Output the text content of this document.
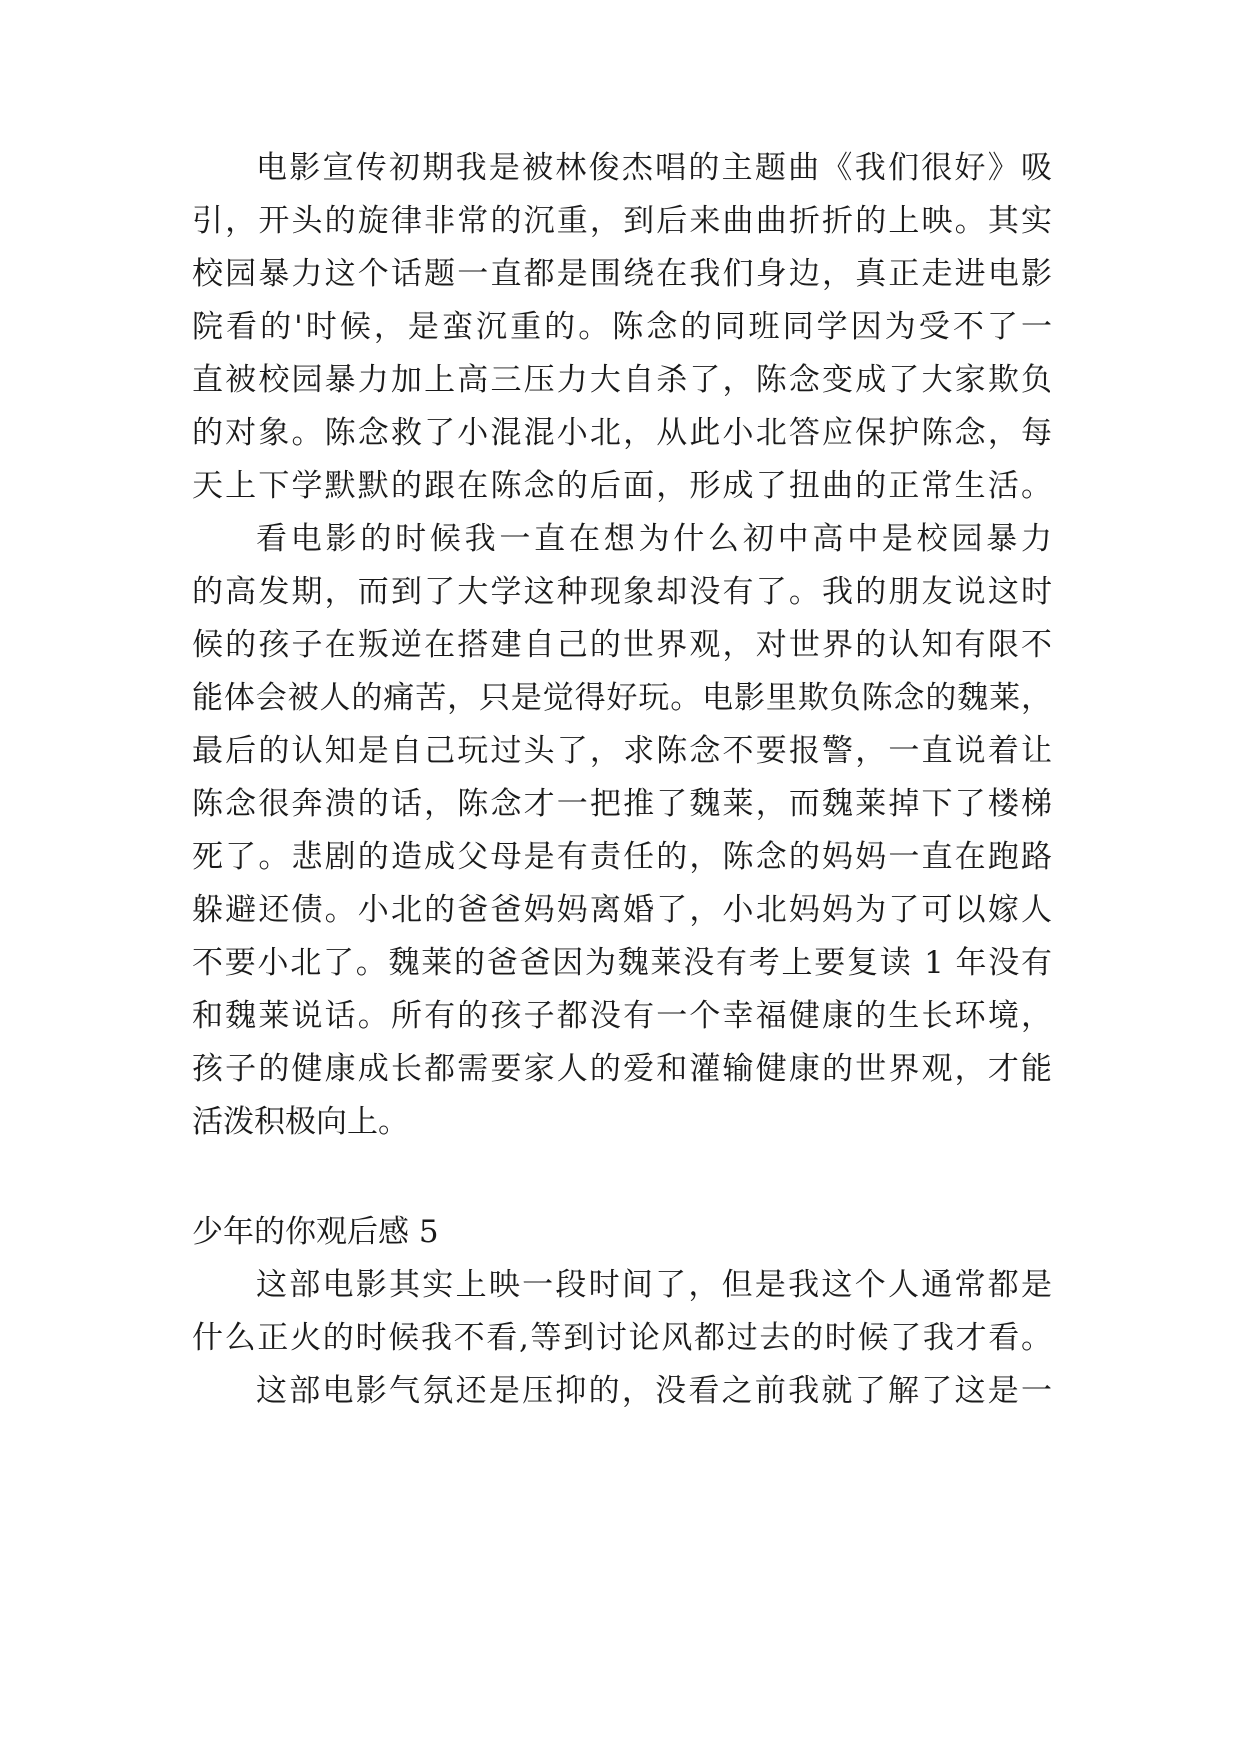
电影宣传初期我是被林俊杰唱的主题曲《我们很好》吸
引，开头的旋律非常的沉重，到后来曲曲折折的上映。其实
校园暴力这个话题一直都是围绕在我们身边，真正走进电影
院看的'时候，是蛮沉重的。陈念的同班同学因为受不了一
直被校园暴力加上高三压力大自杀了，陈念变成了大家欺负
的对象。陈念救了小混混小北，从此小北答应保护陈念，每
天上下学默默的跟在陈念的后面，形成了扭曲的正常生活。
看电影的时候我一直在想为什么初中高中是校园暴力
的高发期，而到了大学这种现象却没有了。我的朋友说这时
候的孩子在叛逆在搭建自己的世界观，对世界的认知有限不
能体会被人的痛苦，只是觉得好玩。电影里欺负陈念的魏莱，
最后的认知是自己玩过头了，求陈念不要报警，一直说着让
陈念很奔溃的话，陈念才一把推了魏莱，而魏莱掉下了楼梯
死了。悲剧的造成父母是有责任的，陈念的妈妈一直在跑路
躲避还债。小北的爸爸妈妈离婚了，小北妈妈为了可以嫁人
不要小北了。魏莱的爸爸因为魏莱没有考上要复读 1 年没有
和魏莱说话。所有的孩子都没有一个幸福健康的生长环境，
孩子的健康成长都需要家人的爱和灌输健康的世界观，才能
活泼积极向上。
少年的你观后感 5
这部电影其实上映一段时间了，但是我这个人通常都是
什么正火的时候我不看,等到讨论风都过去的时候了我才看。
这部电影气氛还是压抑的，没看之前我就了解了这是一
